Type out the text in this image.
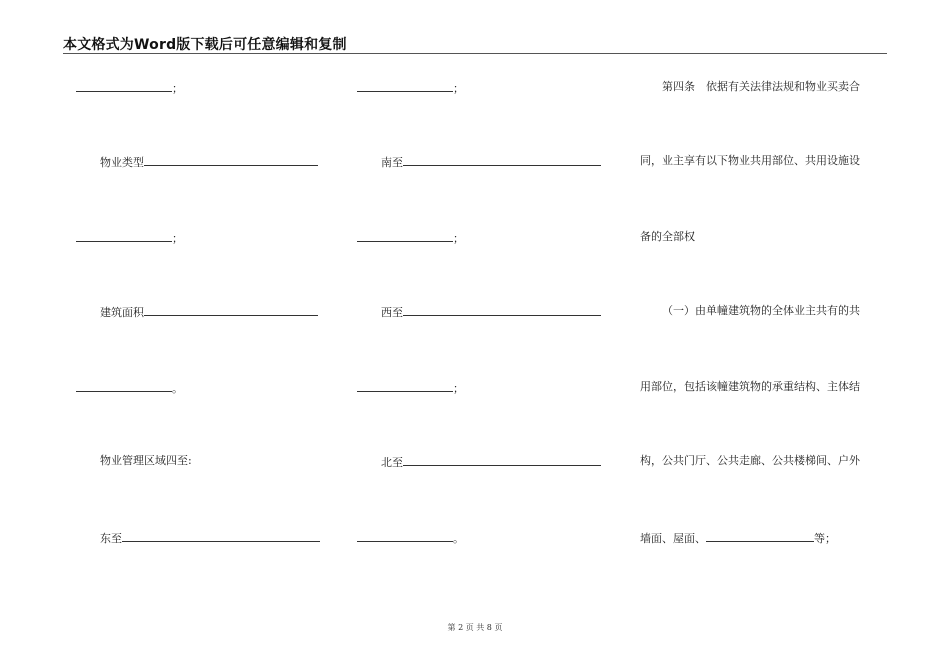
本文格式为Word版下载后可任意编辑和复制
；
物业类型
；
建筑面积
。
物业管理区域四至:
东至
；
南至
；
西至
；
北至
。
第四条　依据有关法律法规和物业买卖合
同，业主享有以下物业共用部位、共用设施设
备的全部权
（一）由单幢建筑物的全体业主共有的共
用部位，包括该幢建筑物的承重结构、主体结
构，公共门厅、公共走廊、公共楼梯间、户外
墙面、屋面、	等；
第 2 页 共 8 页
